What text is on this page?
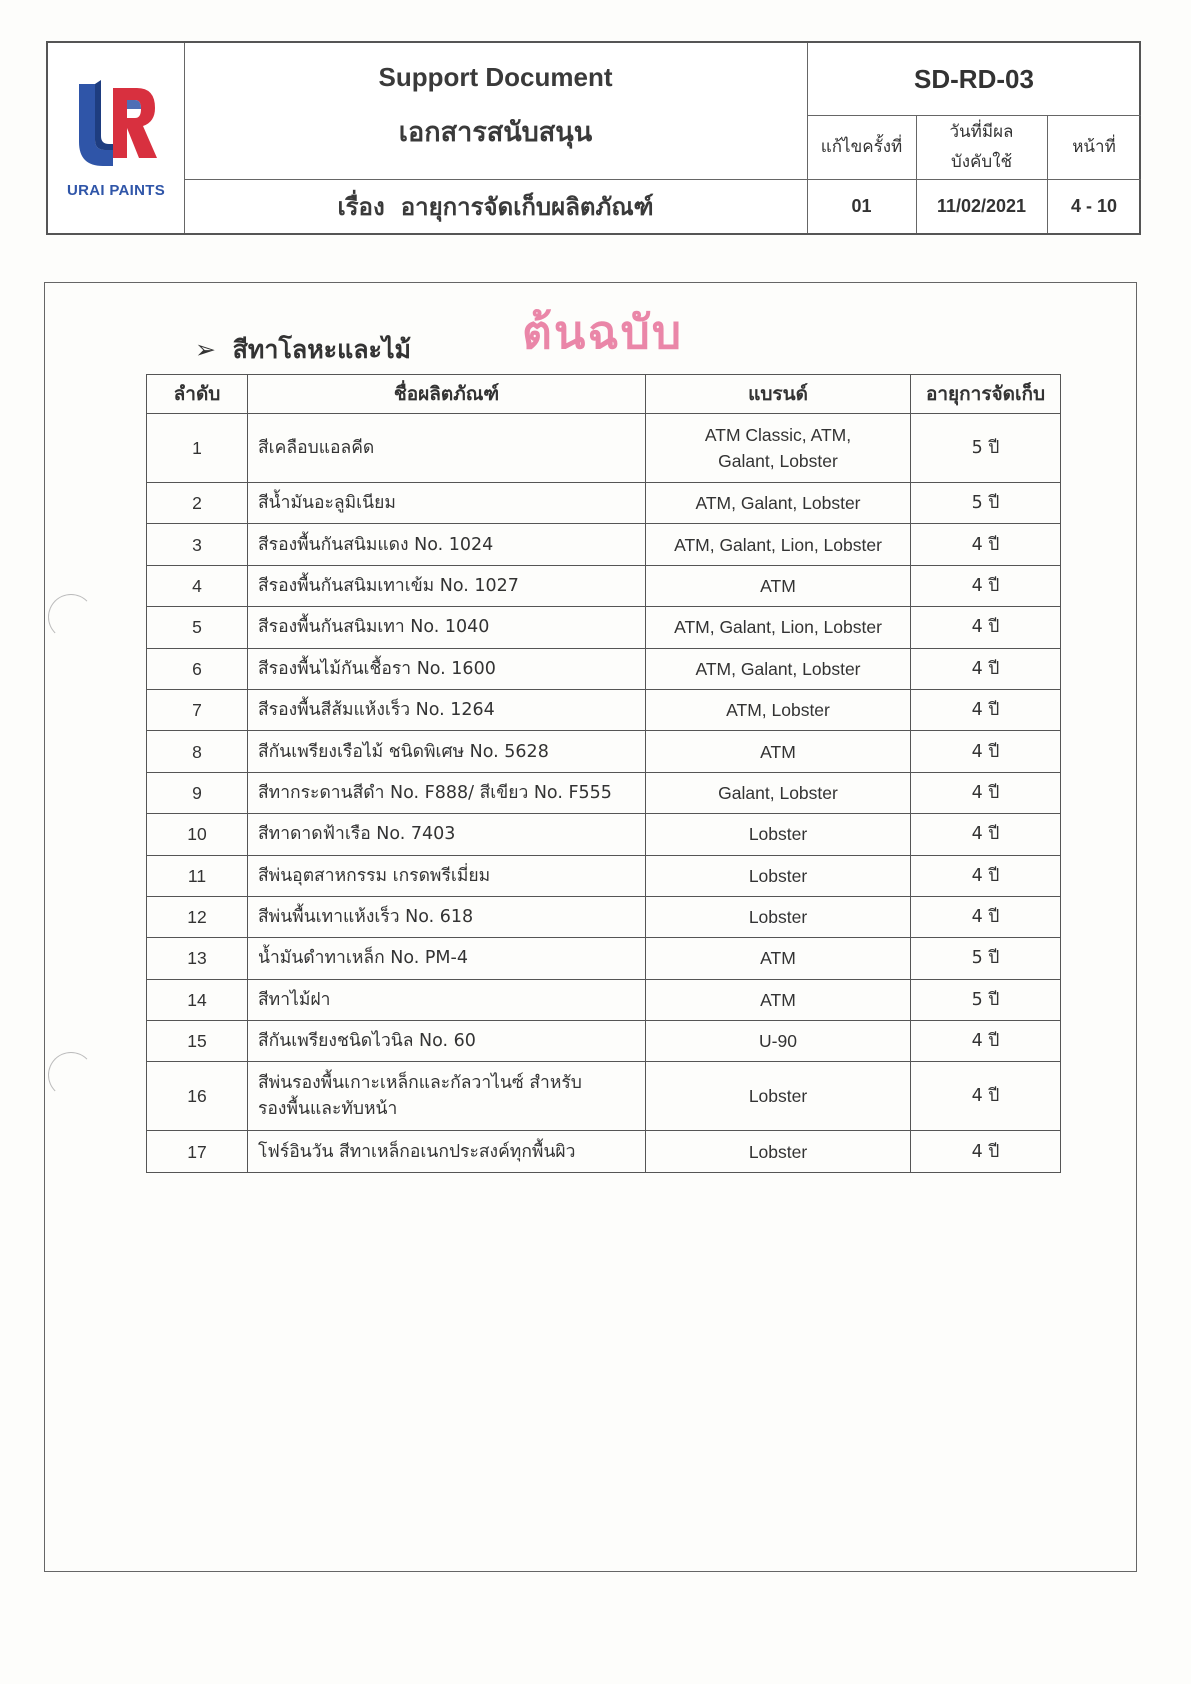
URAI PAINTS
Support Document
เอกสารสนับสนุน
เรื่อง อายุการจัดเก็บผลิตภัณฑ์
SD-RD-03
แก้ไขครั้งที่
วันที่มีผล
บังคับใช้
หน้าที่
01	11/02/2021	4 - 10
ต้นฉบับ
➢ สีทาโลหะและไม้
ลำดับ	ชื่อผลิตภัณฑ์	แบรนด์	อายุการจัดเก็บ
1	สีเคลือบแอลคีด	ATM Classic, ATM,
Galant, Lobster	5 ปี
2	สีน้ำมันอะลูมิเนียม	ATM, Galant, Lobster	5 ปี
3	สีรองพื้นกันสนิมแดง No. 1024	ATM, Galant, Lion, Lobster	4 ปี
4	สีรองพื้นกันสนิมเทาเข้ม No. 1027	ATM	4 ปี
5	สีรองพื้นกันสนิมเทา No. 1040	ATM, Galant, Lion, Lobster	4 ปี
6	สีรองพื้นไม้กันเชื้อรา No. 1600	ATM, Galant, Lobster	4 ปี
7	สีรองพื้นสีส้มแห้งเร็ว No. 1264	ATM, Lobster	4 ปี
8	สีกันเพรียงเรือไม้ ชนิดพิเศษ No. 5628	ATM	4 ปี
9	สีทากระดานสีดำ No. F888/ สีเขียว No. F555	Galant, Lobster	4 ปี
10	สีทาดาดฟ้าเรือ No. 7403	Lobster	4 ปี
11	สีพ่นอุตสาหกรรม เกรดพรีเมี่ยม	Lobster	4 ปี
12	สีพ่นพื้นเทาแห้งเร็ว No. 618	Lobster	4 ปี
13	น้ำมันดำทาเหล็ก No. PM-4	ATM	5 ปี
14	สีทาไม้ฝา	ATM	5 ปี
15	สีกันเพรียงชนิดไวนิล No. 60	U-90	4 ปี
16	สีพ่นรองพื้นเกาะเหล็กและกัลวาไนซ์ สำหรับ
รองพื้นและทับหน้า	Lobster	4 ปี
17	โฟร์อินวัน สีทาเหล็กอเนกประสงค์ทุกพื้นผิว	Lobster	4 ปี
